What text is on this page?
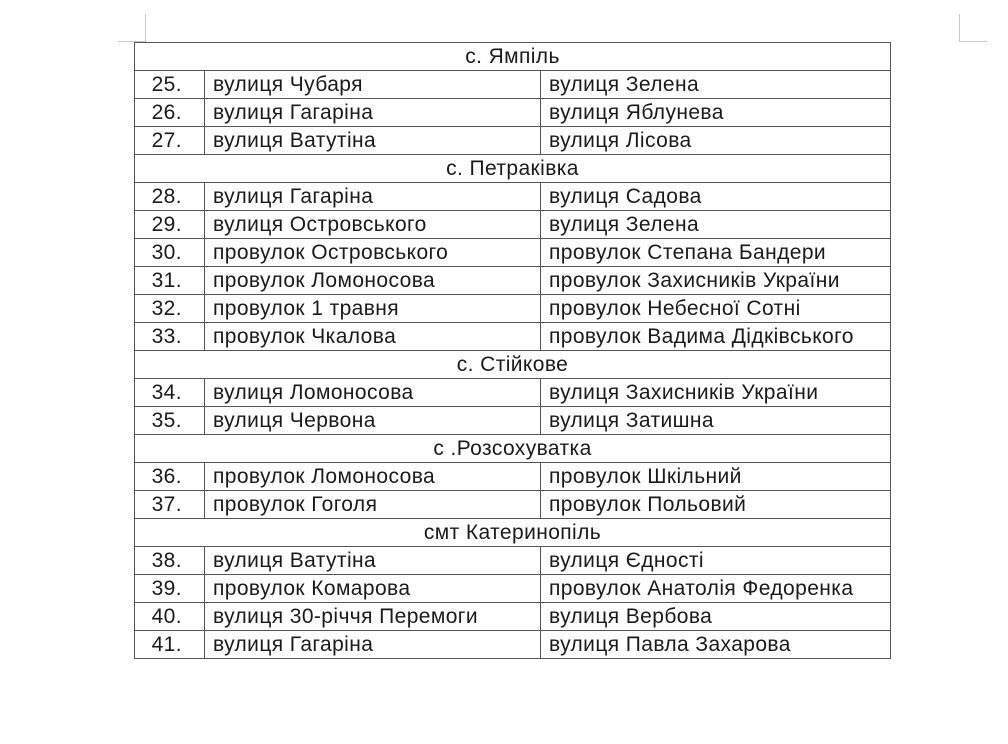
с. Ямпіль		
25.	вулиця Чубаря	вулиця Зелена
26.	вулиця Гагаріна	вулиця Яблунева
27.	вулиця Ватутіна	вулиця Лісова
с. Петраківка		
28.	вулиця Гагаріна	вулиця Садова
29.	вулиця Островського	вулиця Зелена
30.	провулок Островського	провулок Степана Бандери
31.	провулок Ломоносова	провулок Захисників України
32.	провулок 1 травня	провулок Небесної Сотні
33.	провулок Чкалова	провулок Вадима Дідківського
с. Стійкове		
34.	вулиця Ломоносова	вулиця Захисників України
35.	вулиця Червона	вулиця Затишна
с .Розсохуватка		
36.	провулок Ломоносова	провулок Шкільний
37.	провулок Гоголя	провулок Польовий
смт Катеринопіль		
38.	вулиця Ватутіна	вулиця Єдності
39.	провулок Комарова	провулок Анатолія Федоренка
40.	вулиця 30-річчя Перемоги	вулиця Вербова
41.	вулиця Гагаріна	вулиця Павла Захарова
